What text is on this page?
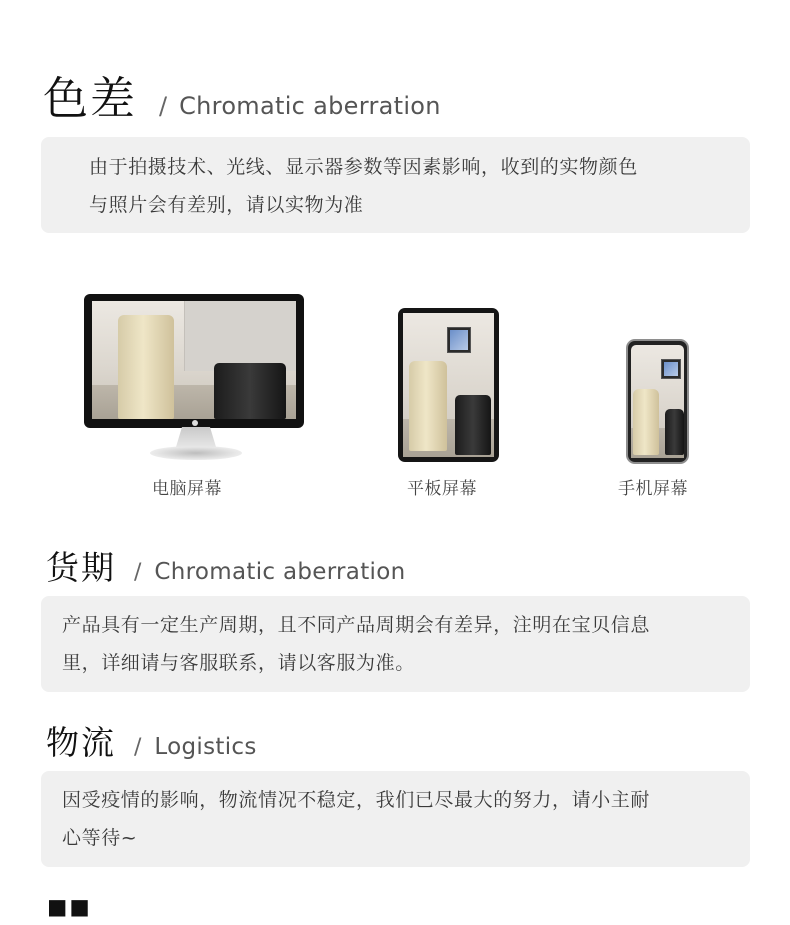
色差 / Chromatic aberration
由于拍摄技术、光线、显示器参数等因素影响，收到的实物颜色
与照片会有差别，请以实物为准
电脑屏幕	平板屏幕	手机屏幕
货期 / Chromatic aberration
产品具有一定生产周期，且不同产品周期会有差异，注明在宝贝信息
里，详细请与客服联系，请以客服为准。
物流 / Logistics
因受疫情的影响，物流情况不稳定，我们已尽最大的努力，请小主耐
心等待~
▪▪
